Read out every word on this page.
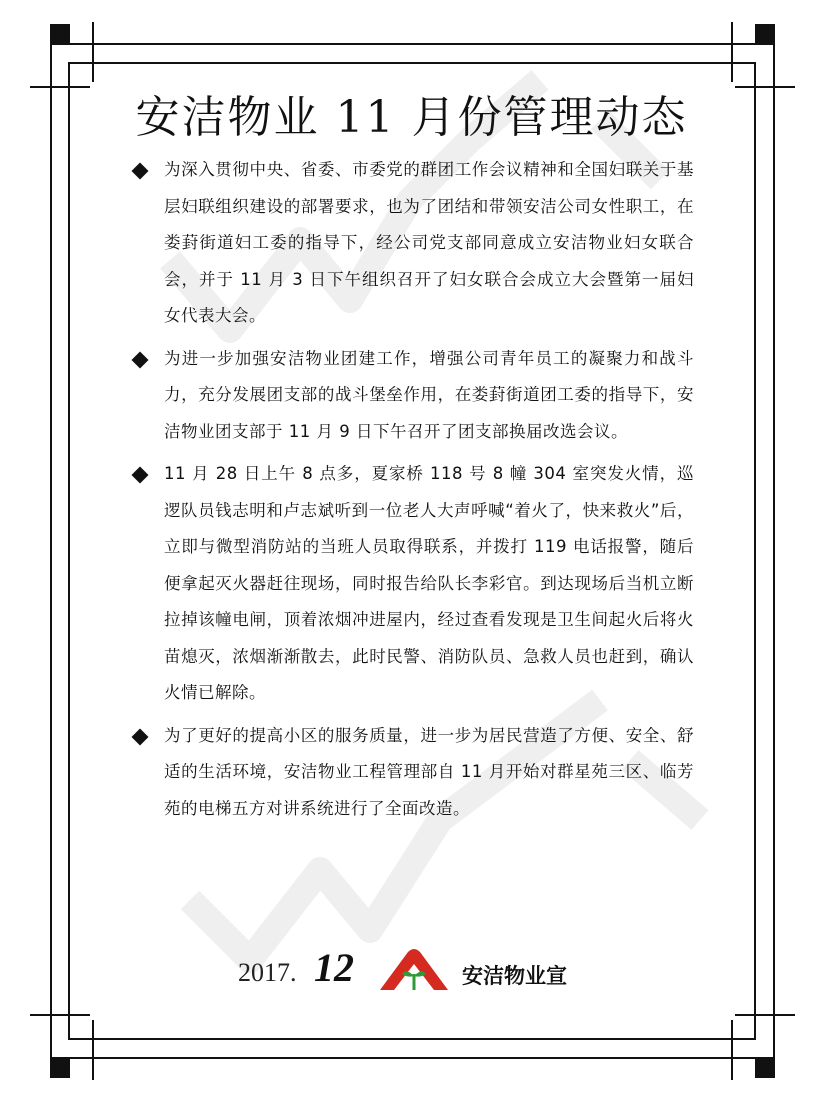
安洁物业 11 月份管理动态
为深入贯彻中央、省委、市委党的群团工作会议精神和全国妇联关于基层妇联组织建设的部署要求，也为了团结和带领安洁公司女性职工，在娄葑街道妇工委的指导下，经公司党支部同意成立安洁物业妇女联合会，并于 11 月 3 日下午组织召开了妇女联合会成立大会暨第一届妇女代表大会。
为进一步加强安洁物业团建工作，增强公司青年员工的凝聚力和战斗力，充分发展团支部的战斗堡垒作用，在娄葑街道团工委的指导下，安洁物业团支部于 11 月 9 日下午召开了团支部换届改选会议。
11 月 28 日上午 8 点多，夏家桥 118 号 8 幢 304 室突发火情，巡逻队员钱志明和卢志斌听到一位老人大声呼喊“着火了，快来救火”后，立即与微型消防站的当班人员取得联系，并拨打 119 电话报警，随后便拿起灭火器赶往现场，同时报告给队长李彩官。到达现场后当机立断拉掉该幢电闸，顶着浓烟冲进屋内，经过查看发现是卫生间起火后将火苗熄灭，浓烟渐渐散去，此时民警、消防队员、急救人员也赶到，确认火情已解除。
为了更好的提高小区的服务质量，进一步为居民营造了方便、安全、舒适的生活环境，安洁物业工程管理部自 11 月开始对群星苑三区、临芳苑的电梯五方对讲系统进行了全面改造。
2017. 12	安洁物业宣
